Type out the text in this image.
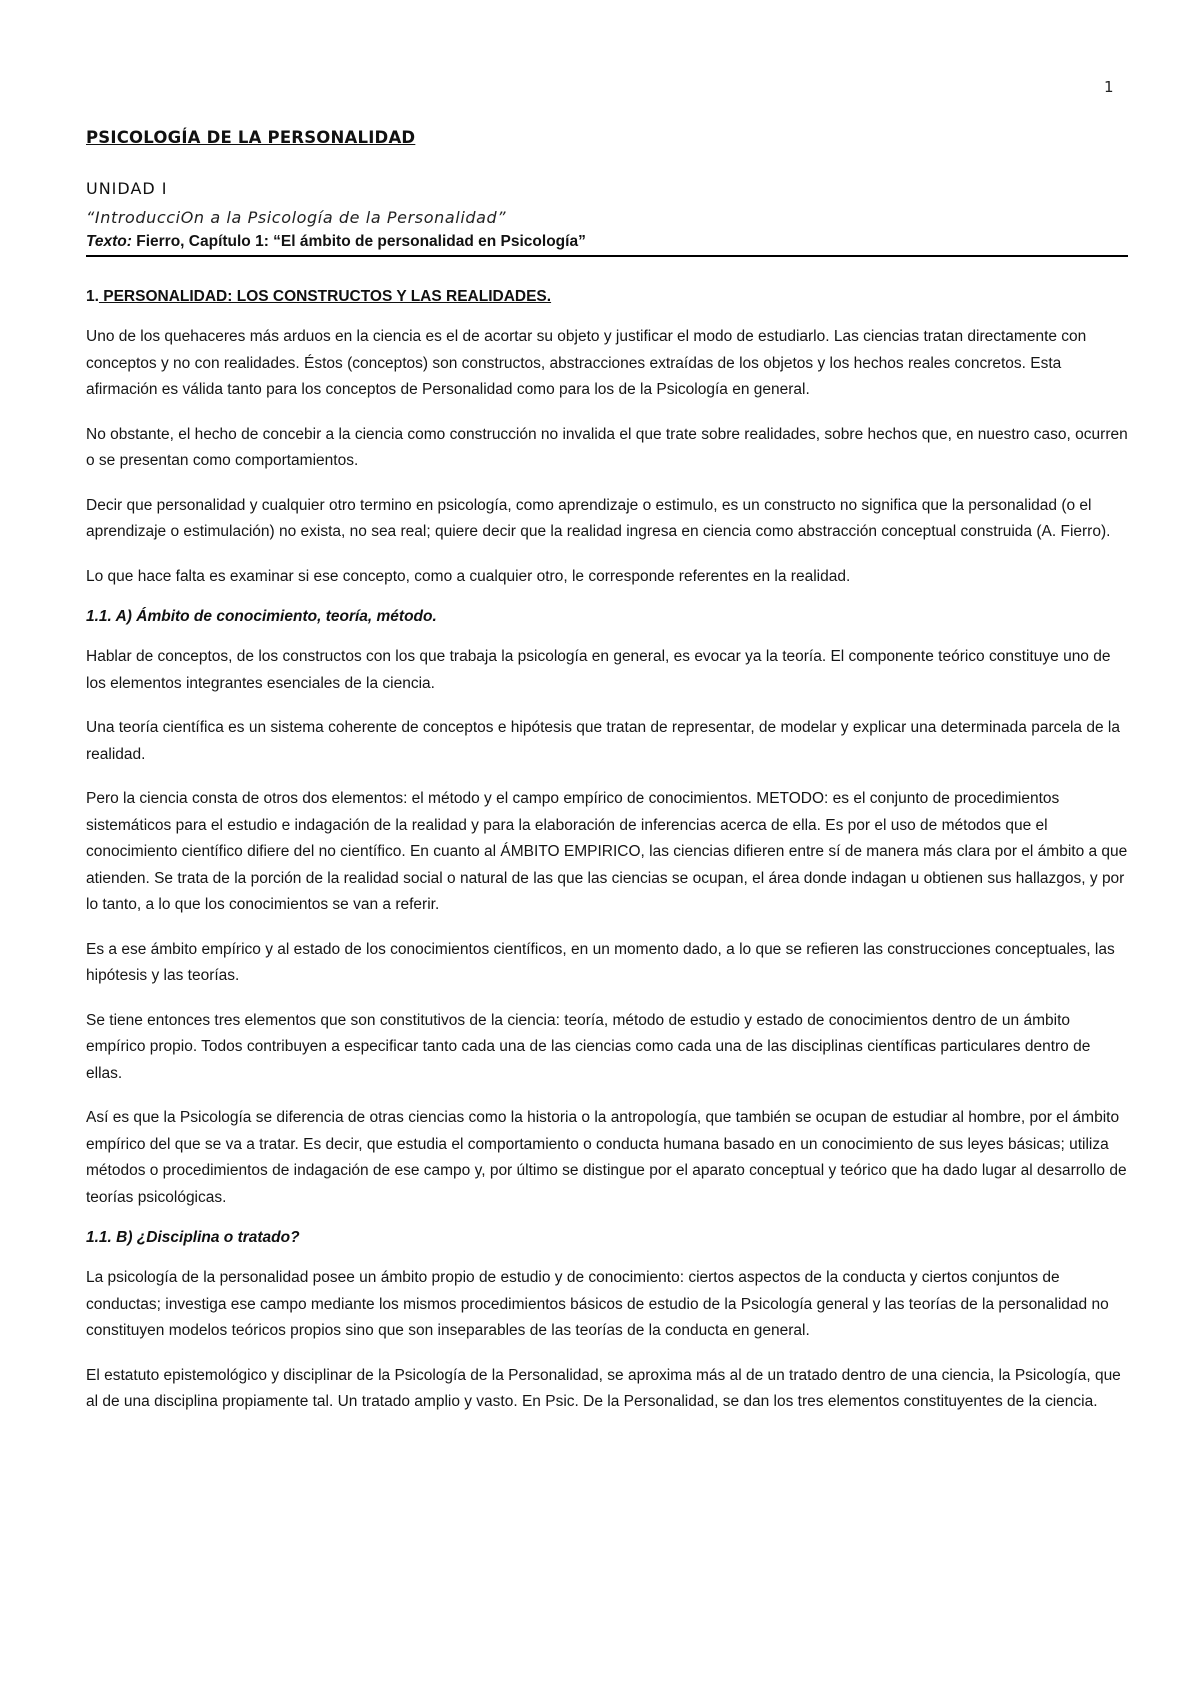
1
PSICOLOGÍA DE LA PERSONALIDAD
UNIDAD I
“IntroducciOn a la Psicología de la Personalidad”
Texto: Fierro, Capítulo 1: “El ámbito de personalidad en Psicología”
1. PERSONALIDAD: LOS CONSTRUCTOS Y LAS REALIDADES.

Uno de los quehaceres más arduos en la ciencia es el de acortar su objeto y justificar el modo de estudiarlo. Las ciencias tratan directamente con conceptos y no con realidades. Éstos (conceptos) son constructos, abstracciones extraídas de los objetos y los hechos reales concretos. Esta afirmación es válida tanto para los conceptos de Personalidad como para los de la Psicología en general.

No obstante, el hecho de concebir a la ciencia como construcción no invalida el que trate sobre realidades, sobre hechos que, en nuestro caso, ocurren o se presentan como comportamientos.

Decir que personalidad y cualquier otro termino en psicología, como aprendizaje o estimulo, es un constructo no significa que la personalidad (o el aprendizaje o estimulación) no exista, no sea real; quiere decir que la realidad ingresa en ciencia como abstracción conceptual construida (A. Fierro).

Lo que hace falta es examinar si ese concepto, como a cualquier otro, le corresponde referentes en la realidad.

1.1. A) Ámbito de conocimiento, teoría, método.

Hablar de conceptos, de los constructos con los que trabaja la psicología en general, es evocar ya la teoría. El componente teórico constituye uno de los elementos integrantes esenciales de la ciencia.

Una teoría científica es un sistema coherente de conceptos e hipótesis que tratan de representar, de modelar y explicar una determinada parcela de la realidad.

Pero la ciencia consta de otros dos elementos: el método y el campo empírico de conocimientos. METODO: es el conjunto de procedimientos sistemáticos para el estudio e indagación de la realidad y para la elaboración de inferencias acerca de ella. Es por el uso de métodos que el conocimiento científico difiere del no científico. En cuanto al ÁMBITO EMPIRICO, las ciencias difieren entre sí de manera más clara por el ámbito a que atienden. Se trata de la porción de la realidad social o natural de las que las ciencias se ocupan, el área donde indagan u obtienen sus hallazgos, y por lo tanto, a lo que los conocimientos se van a referir.

Es a ese ámbito empírico y al estado de los conocimientos científicos, en un momento dado, a lo que se refieren las construcciones conceptuales, las hipótesis y las teorías.

Se tiene entonces tres elementos que son constitutivos de la ciencia: teoría, método de estudio y estado de conocimientos dentro de un ámbito empírico propio. Todos contribuyen a especificar tanto cada una de las ciencias como cada una de las disciplinas científicas particulares dentro de ellas.

Así es que la Psicología se diferencia de otras ciencias como la historia o la antropología, que también se ocupan de estudiar al hombre, por el ámbito empírico del que se va a tratar. Es decir, que estudia el comportamiento o conducta humana basado en un conocimiento de sus leyes básicas; utiliza métodos o procedimientos de indagación de ese campo y, por último se distingue por el aparato conceptual y teórico que ha dado lugar al desarrollo de teorías psicológicas.

1.1. B) ¿Disciplina o tratado?

La psicología de la personalidad posee un ámbito propio de estudio y de conocimiento: ciertos aspectos de la conducta y ciertos conjuntos de conductas; investiga ese campo mediante los mismos procedimientos básicos de estudio de la Psicología general y las teorías de la personalidad no constituyen modelos teóricos propios sino que son inseparables de las teorías de la conducta en general.

El estatuto epistemológico y disciplinar de la Psicología de la Personalidad, se aproxima más al de un tratado dentro de una ciencia, la Psicología, que al de una disciplina propiamente tal. Un tratado amplio y vasto. En Psic. De la Personalidad, se dan los tres elementos constituyentes de la ciencia.
